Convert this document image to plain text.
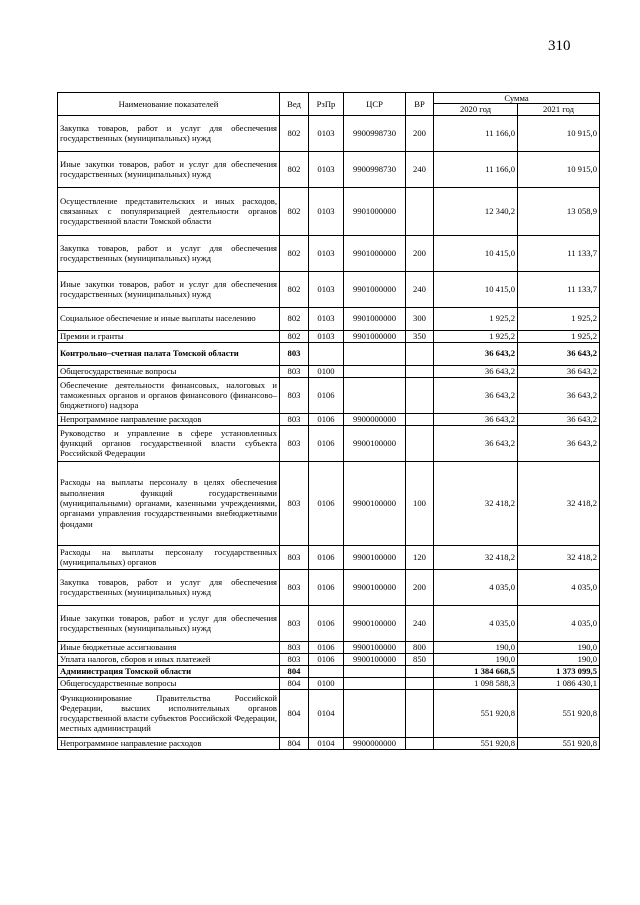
310
Наименование показателей	Вед	РзПр	ЦСР	ВР	Сумма	
					2020 год	2021 год
Закупка товаров, работ и услуг для обеспечения государственных (муниципальных) нужд	802	0103	9900998730	200	11 166,0	10 915,0
Иные закупки товаров, работ и услуг для обеспечения государственных (муниципальных) нужд	802	0103	9900998730	240	11 166,0	10 915,0
Осуществление представительских и иных расходов, связанных с популяризацией деятельности органов государственной власти Томской области	802	0103	9901000000		12 340,2	13 058,9
Закупка товаров, работ и услуг для обеспечения государственных (муниципальных) нужд	802	0103	9901000000	200	10 415,0	11 133,7
Иные закупки товаров, работ и услуг для обеспечения государственных (муниципальных) нужд	802	0103	9901000000	240	10 415,0	11 133,7
Социальное обеспечение и иные выплаты населению	802	0103	9901000000	300	1 925,2	1 925,2
Премии и гранты	802	0103	9901000000	350	1 925,2	1 925,2
Контрольно–счетная палата Томской области	803				36 643,2	36 643,2
Общегосударственные вопросы	803	0100			36 643,2	36 643,2
Обеспечение деятельности финансовых, налоговых и таможенных органов и органов финансового (финансово–бюджетного) надзора	803	0106			36 643,2	36 643,2
Непрограммное направление расходов	803	0106	9900000000		36 643,2	36 643,2
Руководство и управление в сфере установленных функций органов государственной власти субъекта Российской Федерации	803	0106	9900100000		36 643,2	36 643,2
Расходы на выплаты персоналу в целях обеспечения выполнения функций государственными (муниципальными) органами, казенными учреждениями, органами управления государственными внебюджетными фондами	803	0106	9900100000	100	32 418,2	32 418,2
Расходы на выплаты персоналу государственных (муниципальных) органов	803	0106	9900100000	120	32 418,2	32 418,2
Закупка товаров, работ и услуг для обеспечения государственных (муниципальных) нужд	803	0106	9900100000	200	4 035,0	4 035,0
Иные закупки товаров, работ и услуг для обеспечения государственных (муниципальных) нужд	803	0106	9900100000	240	4 035,0	4 035,0
Иные бюджетные ассигнования	803	0106	9900100000	800	190,0	190,0
Уплата налогов, сборов и иных платежей	803	0106	9900100000	850	190,0	190,0
Администрация Томской области	804				1 384 668,5	1 373 099,5
Общегосударственные вопросы	804	0100			1 098 588,3	1 086 430,1
Функционирование Правительства Российской Федерации, высших исполнительных органов государственной власти субъектов Российской Федерации, местных администраций	804	0104			551 920,8	551 920,8
Непрограммное направление расходов	804	0104	9900000000		551 920,8	551 920,8
